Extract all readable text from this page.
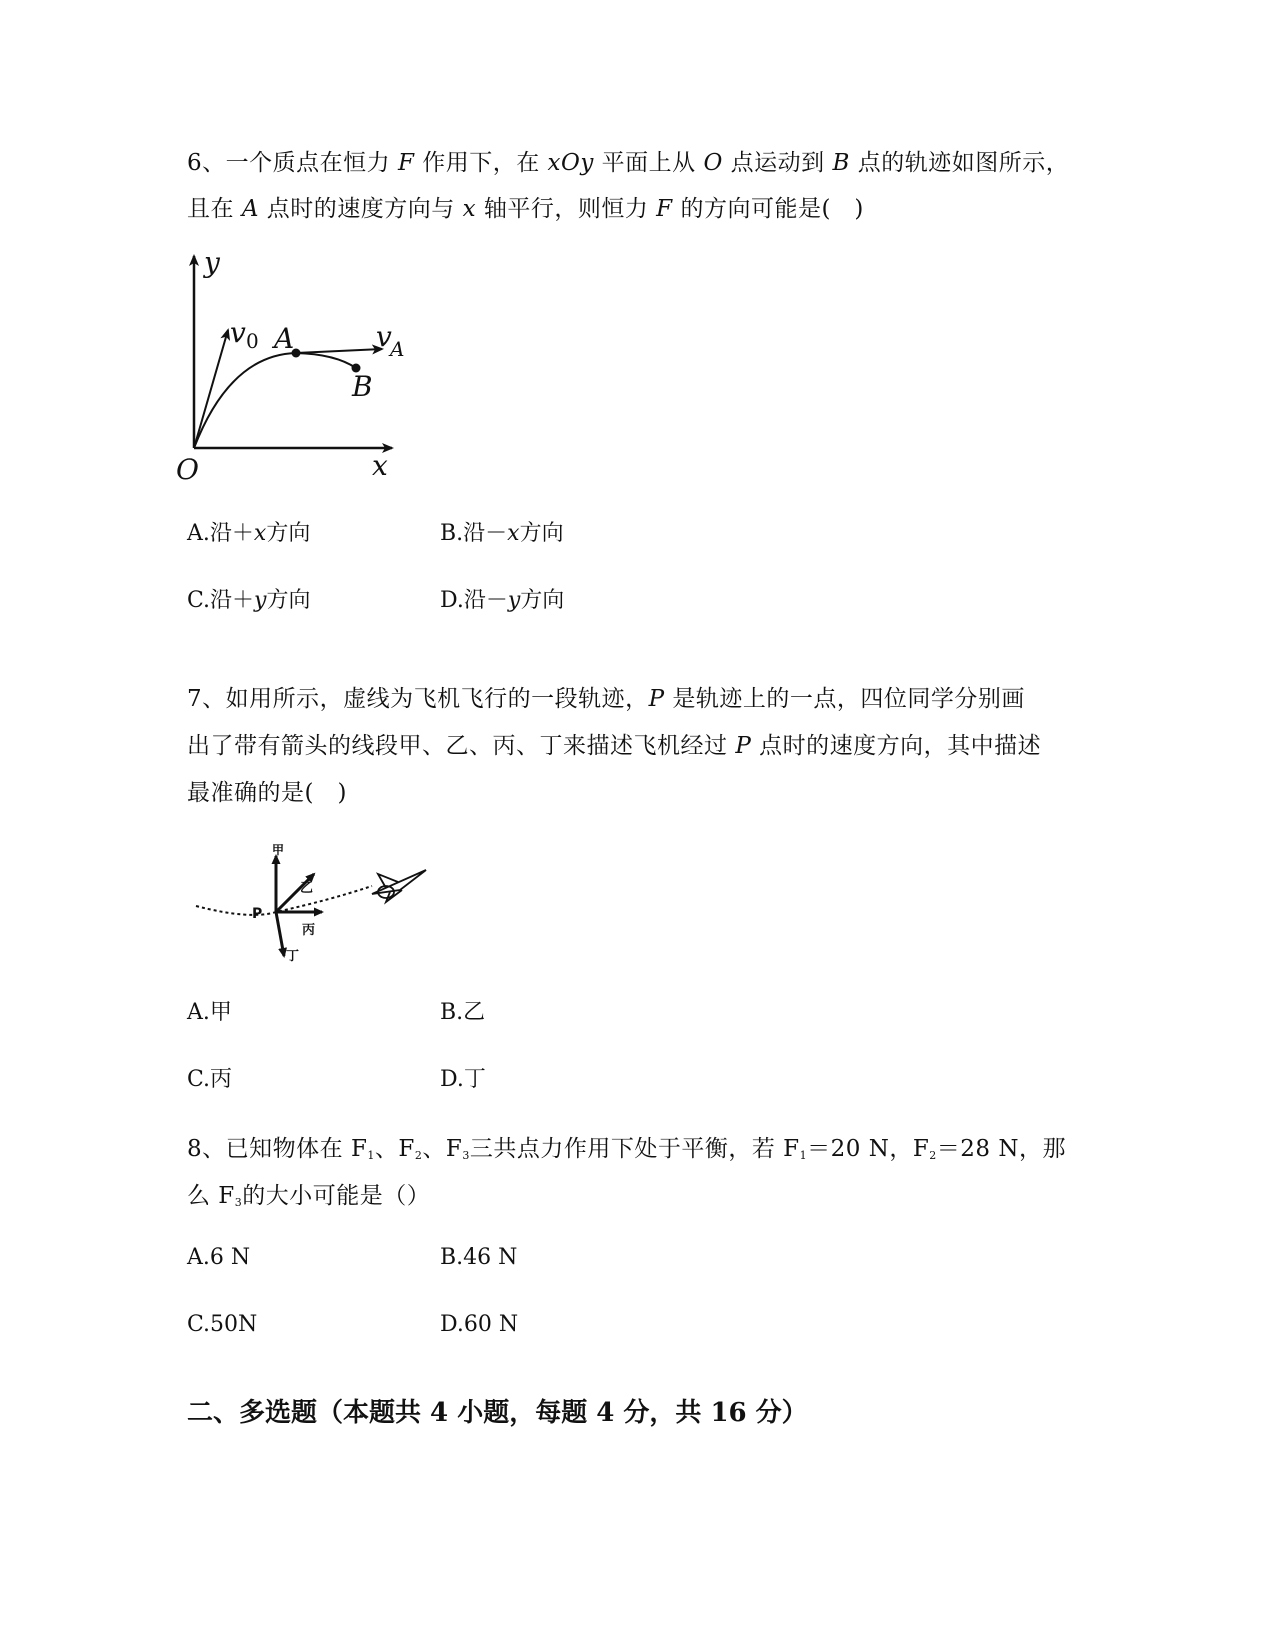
6、一个质点在恒力 F 作用下，在 xOy 平面上从 O 点运动到 B 点的轨迹如图所示，
且在 A 点时的速度方向与 x 轴平行，则恒力 F 的方向可能是(　)
y
x
O
v 0 A	v
A
B
A.沿＋x方向	B.沿－x方向
C.沿＋y方向	D.沿－y方向
7、如用所示，虚线为飞机飞行的一段轨迹，P 是轨迹上的一点，四位同学分别画
出了带有箭头的线段甲、乙、丙、丁来描述飞机经过 P 点时的速度方向，其中描述
最准确的是(　)
P
甲
乙
丙
丁
A.甲	B.乙
C.丙	D.丁
8、已知物体在 $F_1$、$F_2$、$F_3$三共点力作用下处于平衡，若 $F_1=20$ N，$F_2=28$ N，那
么 $F_3$的大小可能是（）
A.6 N	B.46 N
C.50N	D.60 N
二、多选题（本题共 4 小题，每题 4 分，共 16 分）
